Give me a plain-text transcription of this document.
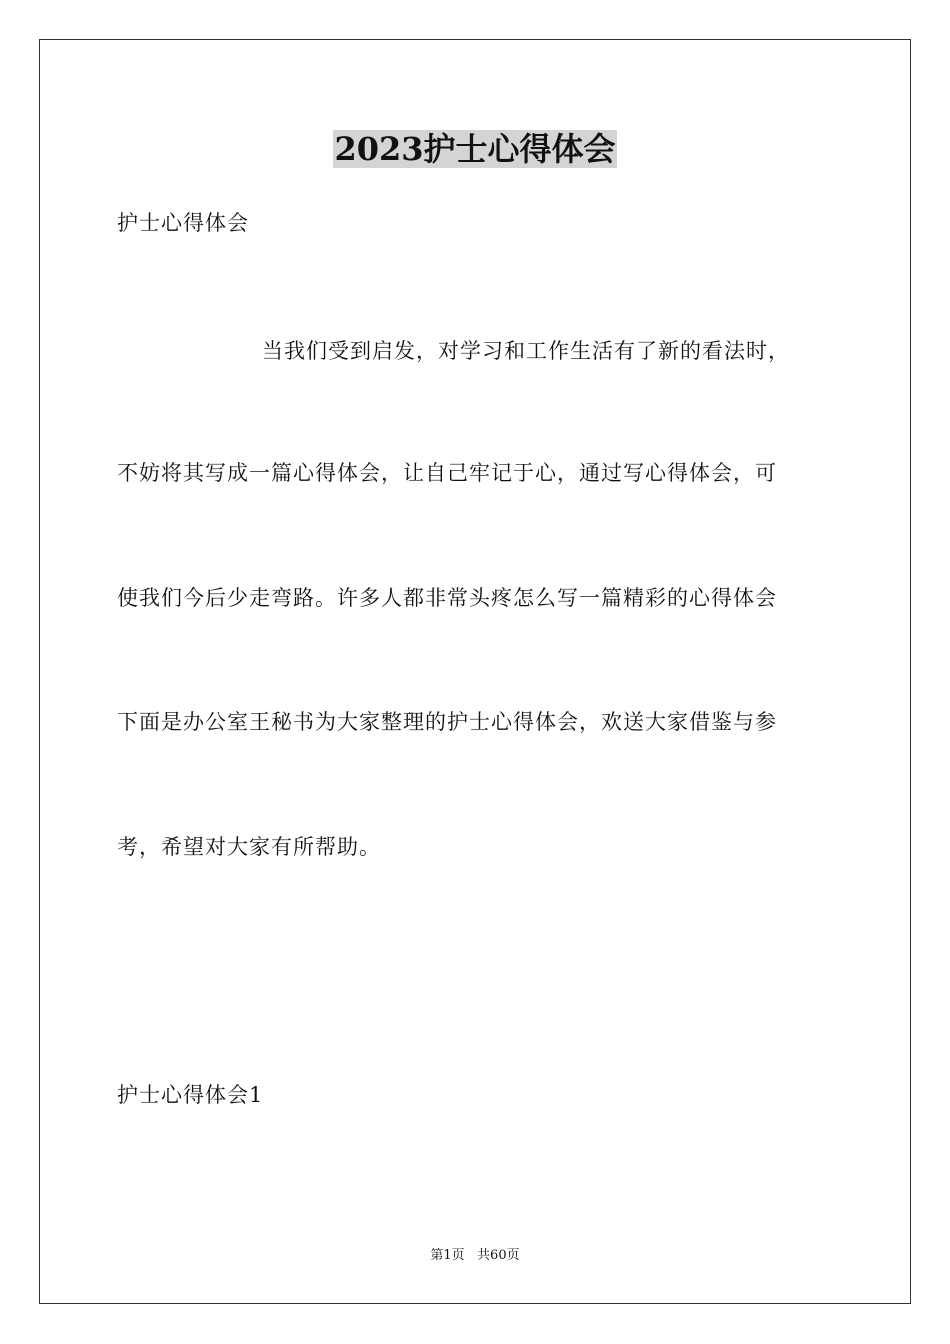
2023护士心得体会
护士心得体会
当我们受到启发，对学习和工作生活有了新的看法时，
不妨将其写成一篇心得体会，让自己牢记于心，通过写心得体会，可
使我们今后少走弯路。许多人都非常头疼怎么写一篇精彩的心得体会
下面是办公室王秘书为大家整理的护士心得体会，欢送大家借鉴与参
考，希望对大家有所帮助。
护士心得体会1
第1页   共60页
